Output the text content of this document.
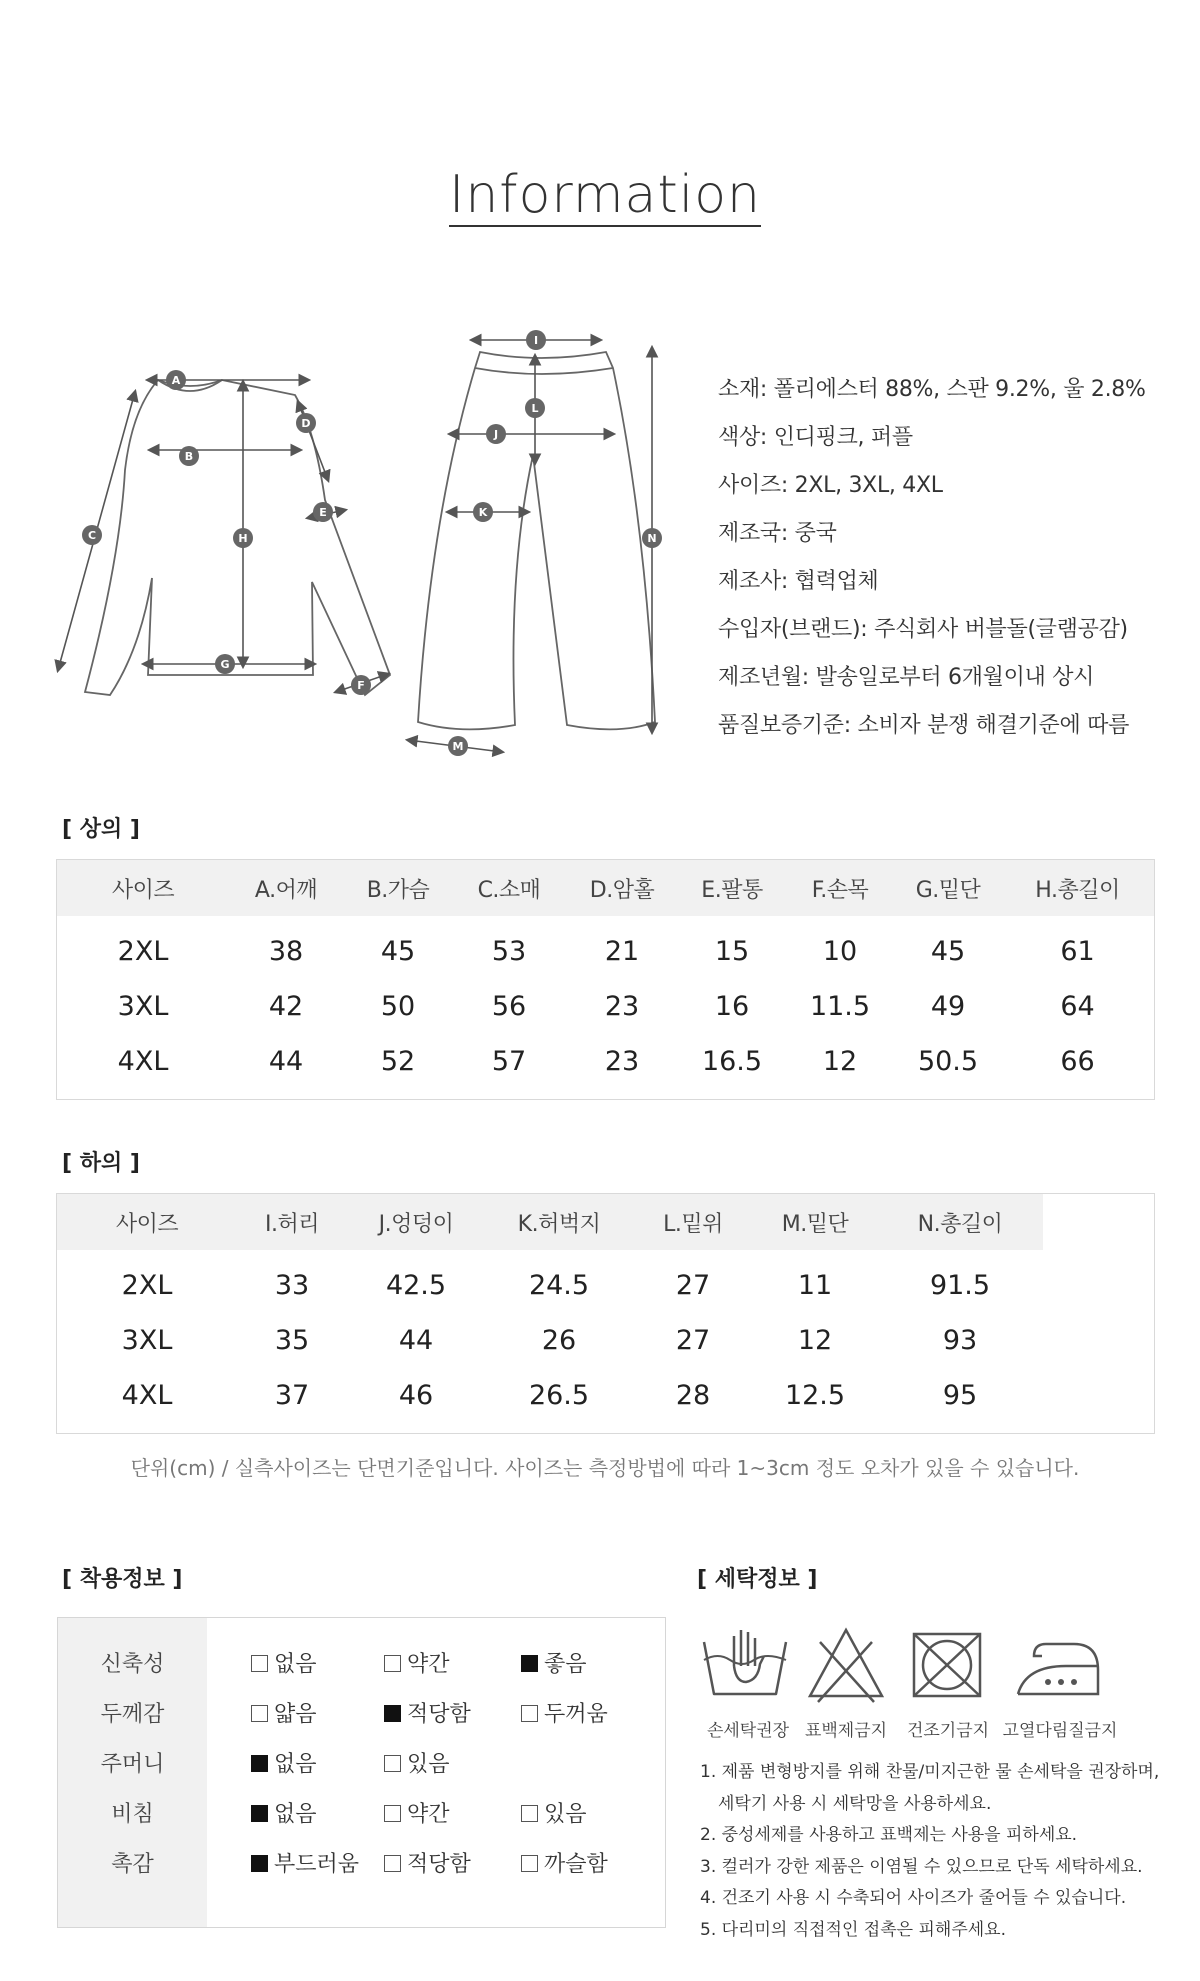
Information
A
B
C
D
E
F
G
H
I
J
K
L
M
N
소재: 폴리에스터 88%, 스판 9.2%, 울 2.8%
색상: 인디핑크, 퍼플
사이즈: 2XL, 3XL, 4XL
제조국: 중국
제조사: 협력업체
수입자(브랜드): 주식회사 버블돌(글램공감)
제조년월: 발송일로부터 6개월이내 상시
품질보증기준: 소비자 분쟁 해결기준에 따름
[ 상의 ]
사이즈	A.어깨	B.가슴	C.소매	D.암홀	E.팔통	F.손목	G.밑단	H.총길이

2XL	38	45	53	21	15	10	45	61
3XL	42	50	56	23	16	11.5	49	64
4XL	44	52	57	23	16.5	12	50.5	66
[ 하의 ]
사이즈	I.허리	J.엉덩이	K.허벅지	L.밑위	M.밑단	N.총길이

2XL	33	42.5	24.5	27	11	91.5
3XL	35	44	26	27	12	93
4XL	37	46	26.5	28	12.5	95
단위(cm) / 실측사이즈는 단면기준입니다. 사이즈는 측정방법에 따라 1~3cm 정도 오차가 있을 수 있습니다.
[ 착용정보 ]
신축성	없음	약간	좋음
두께감	얇음	적당함	두꺼움
주머니	없음	있음
비침	없음	약간	있음
촉감	부드러움	적당함	까슬함
[ 세탁정보 ]
손세탁권장 표백제금지	건조기금지 고열다림질금지
1. 제품 변형방지를 위해 찬물/미지근한 물 손세탁을 권장하며,
세탁기 사용 시 세탁망을 사용하세요.
2. 중성세제를 사용하고 표백제는 사용을 피하세요.
3. 컬러가 강한 제품은 이염될 수 있으므로 단독 세탁하세요.
4. 건조기 사용 시 수축되어 사이즈가 줄어들 수 있습니다.
5. 다리미의 직접적인 접촉은 피해주세요.
